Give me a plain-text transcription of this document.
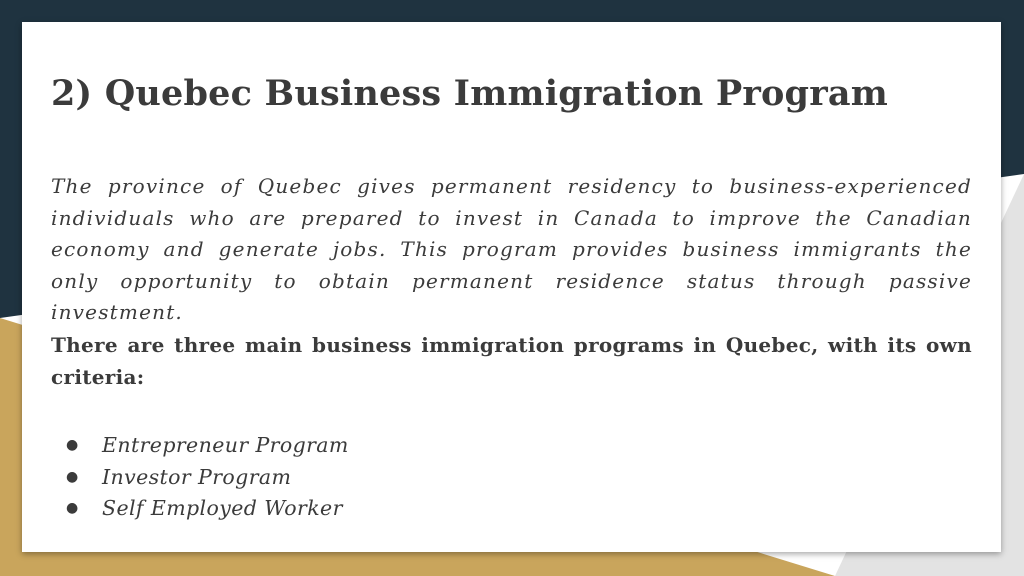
2) Quebec Business Immigration Program

The province of Quebec gives permanent residency to business-experienced individuals who are prepared to invest in Canada to improve the Canadian economy and generate jobs. This program provides business immigrants the only opportunity to obtain permanent residence status through passive investment.

There are three main business immigration programs in Quebec, with its own criteria:

● Entrepreneur Program
● Investor Program
● Self Employed Worker
